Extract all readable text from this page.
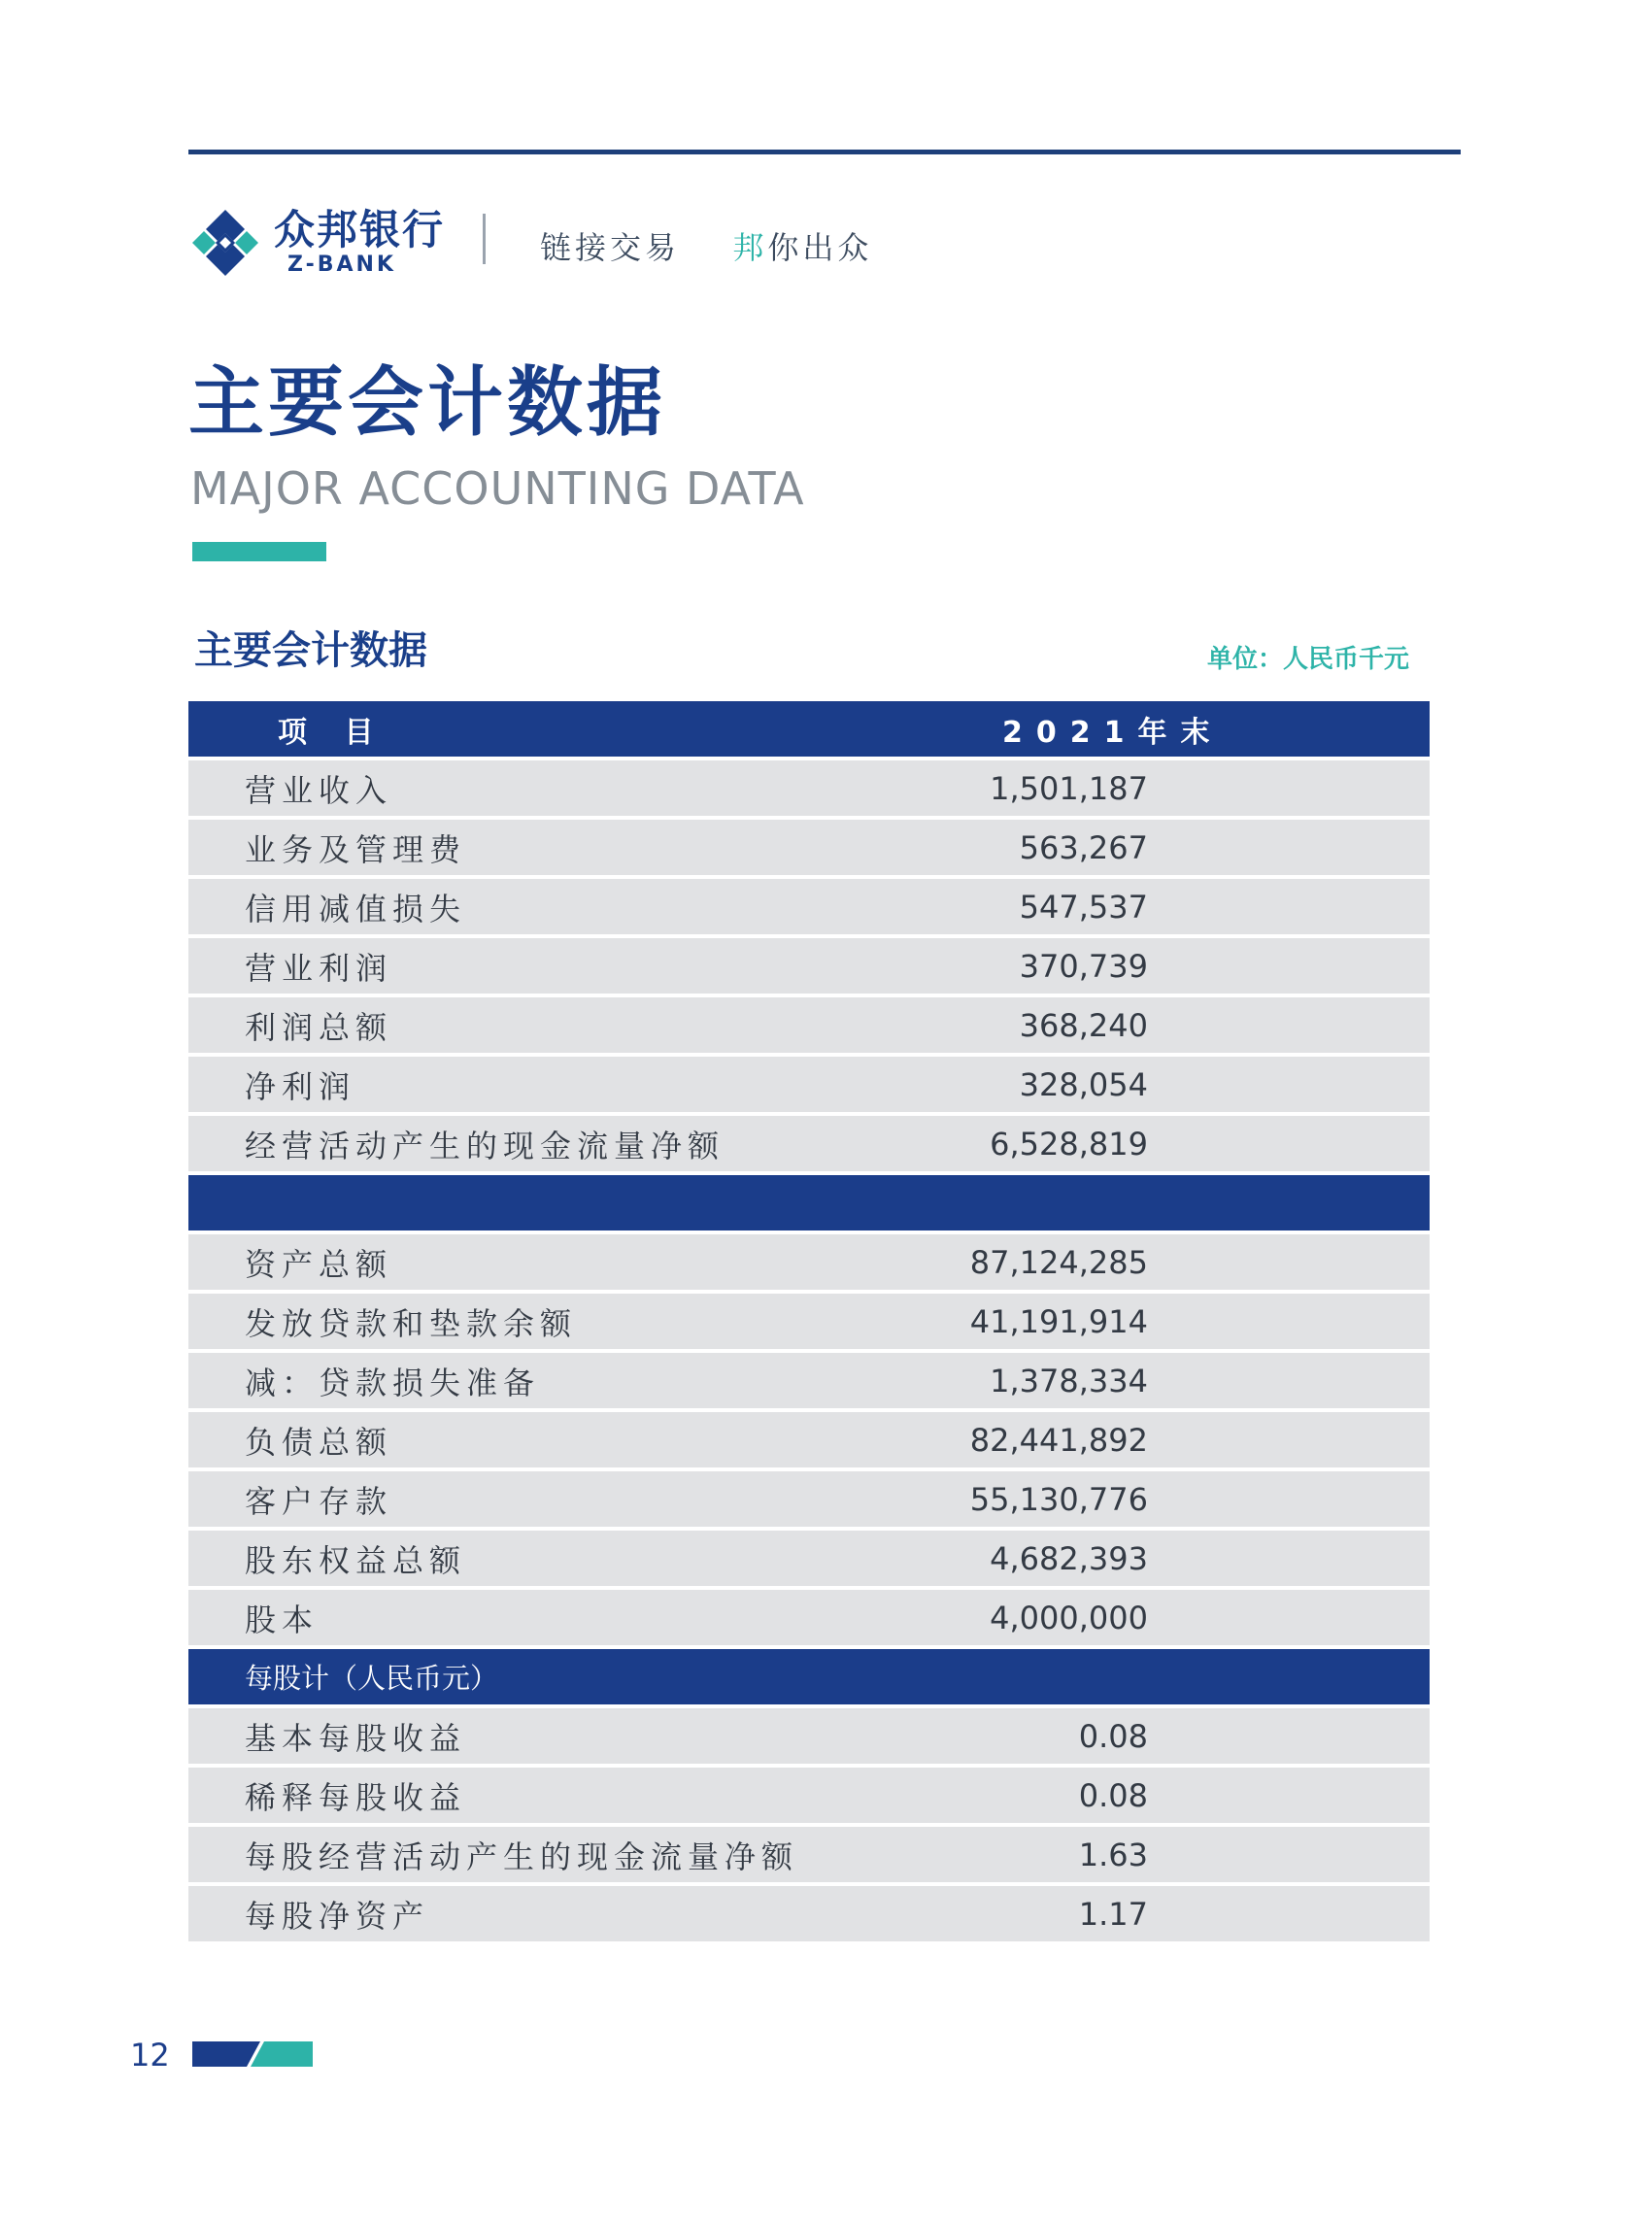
众邦银行
Z-BANK	链接交易 邦你出众
主要会计数据
MAJOR ACCOUNTING DATA
主要会计数据	单位：人民币千元
项 目	2021年末
营业收入	1,501,187
业务及管理费	563,267
信用减值损失	547,537
营业利润	370,739
利润总额	368,240
净利润	328,054
经营活动产生的现金流量净额	6,528,819

资产总额	87,124,285
发放贷款和垫款余额	41,191,914
减：贷款损失准备	1,378,334
负债总额	82,441,892
客户存款	55,130,776
股东权益总额	4,682,393
股本	4,000,000
每股计（人民币元）	
基本每股收益	0.08
稀释每股收益	0.08
每股经营活动产生的现金流量净额	1.63
每股净资产	1.17
12
